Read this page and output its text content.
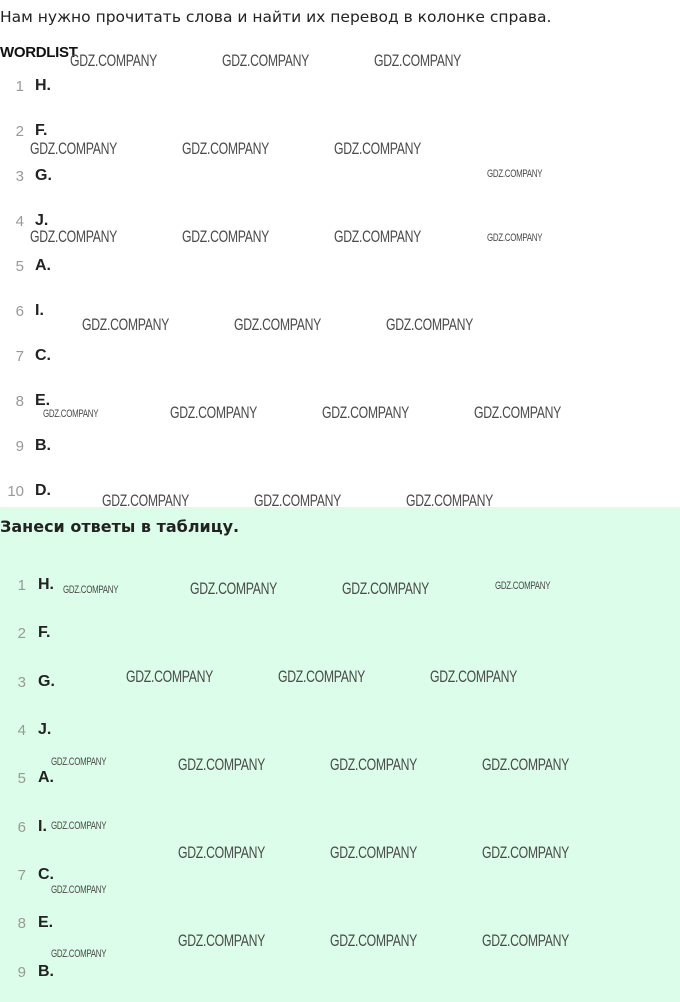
Нам нужно прочитать слова и найти их перевод в колонке справа.
WORDLIST
1 H.
2 F.
3 G.
4 J.
5 A.
6 I.
7 C.
8 E.
9 B.
10 D.
Занеси ответы в таблицу.
1 H.
2 F.
3 G.
4 J.
5 A.
6 I.
7 C.
8 E.
9 B.
GDZ.COMPANY	GDZ.COMPANY	GDZ.COMPANY
GDZ.COMPANY	GDZ.COMPANY	GDZ.COMPANY
GDZ.COMPANY
GDZ.COMPANY	GDZ.COMPANY	GDZ.COMPANY	GDZ.COMPANY
GDZ.COMPANY	GDZ.COMPANY	GDZ.COMPANY
GDZ.COMPANY	GDZ.COMPANY	GDZ.COMPANY	GDZ.COMPANY
GDZ.COMPANY	GDZ.COMPANY	GDZ.COMPANY
GDZ.COMPANY	GDZ.COMPANY	GDZ.COMPANY	GDZ.COMPANY
GDZ.COMPANY	GDZ.COMPANY	GDZ.COMPANY
GDZ.COMPANY	GDZ.COMPANY	GDZ.COMPANY	GDZ.COMPANY
GDZ.COMPANY
GDZ.COMPANY	GDZ.COMPANY	GDZ.COMPANY
GDZ.COMPANY
GDZ.COMPANY	GDZ.COMPANY	GDZ.COMPANY
GDZ.COMPANY
